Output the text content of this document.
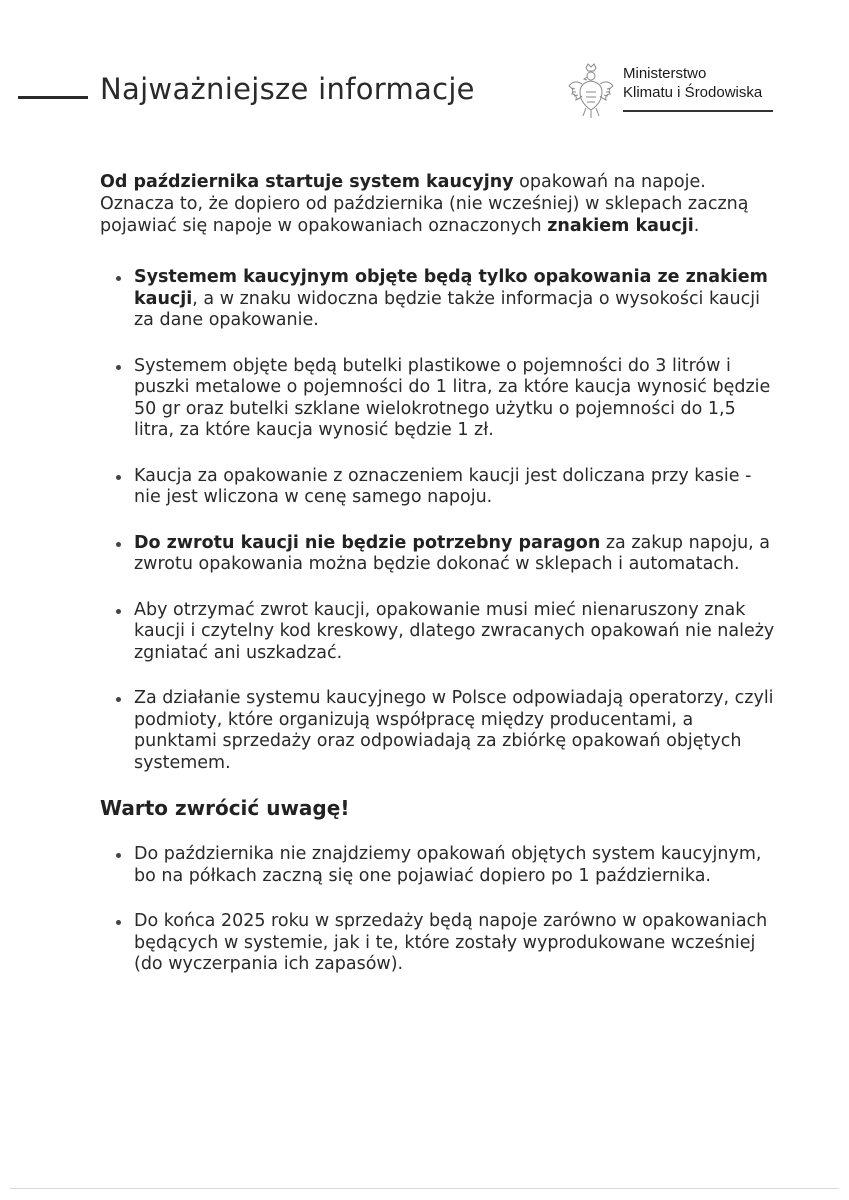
Najważniejsze informacje	Ministerstwo
Klimatu i Środowiska

Od października startuje system kaucyjny opakowań na napoje. Oznacza to, że dopiero od października (nie wcześniej) w sklepach zaczną pojawiać się napoje w opakowaniach oznaczonych znakiem kaucji.

Systemem kaucyjnym objęte będą tylko opakowania ze znakiem kaucji, a w znaku widoczna będzie także informacja o wysokości kaucji za dane opakowanie.
Systemem objęte będą butelki plastikowe o pojemności do 3 litrów i puszki metalowe o pojemności do 1 litra, za które kaucja wynosić będzie 50 gr oraz butelki szklane wielokrotnego użytku o pojemności do 1,5 litra, za które kaucja wynosić będzie 1 zł.
Kaucja za opakowanie z oznaczeniem kaucji jest doliczana przy kasie - nie jest wliczona w cenę samego napoju.
Do zwrotu kaucji nie będzie potrzebny paragon za zakup napoju, a zwrotu opakowania można będzie dokonać w sklepach i automatach.
Aby otrzymać zwrot kaucji, opakowanie musi mieć nienaruszony znak kaucji i czytelny kod kreskowy, dlatego zwracanych opakowań nie należy zgniatać ani uszkadzać.
Za działanie systemu kaucyjnego w Polsce odpowiadają operatorzy, czyli podmioty, które organizują współpracę między producentami, a punktami sprzedaży oraz odpowiadają za zbiórkę opakowań objętych systemem.
Warto zwrócić uwagę!
Do października nie znajdziemy opakowań objętych system kaucyjnym, bo na półkach zaczną się one pojawiać dopiero po 1 października.
Do końca 2025 roku w sprzedaży będą napoje zarówno w opakowaniach będących w systemie, jak i te, które zostały wyprodukowane wcześniej (do wyczerpania ich zapasów).
